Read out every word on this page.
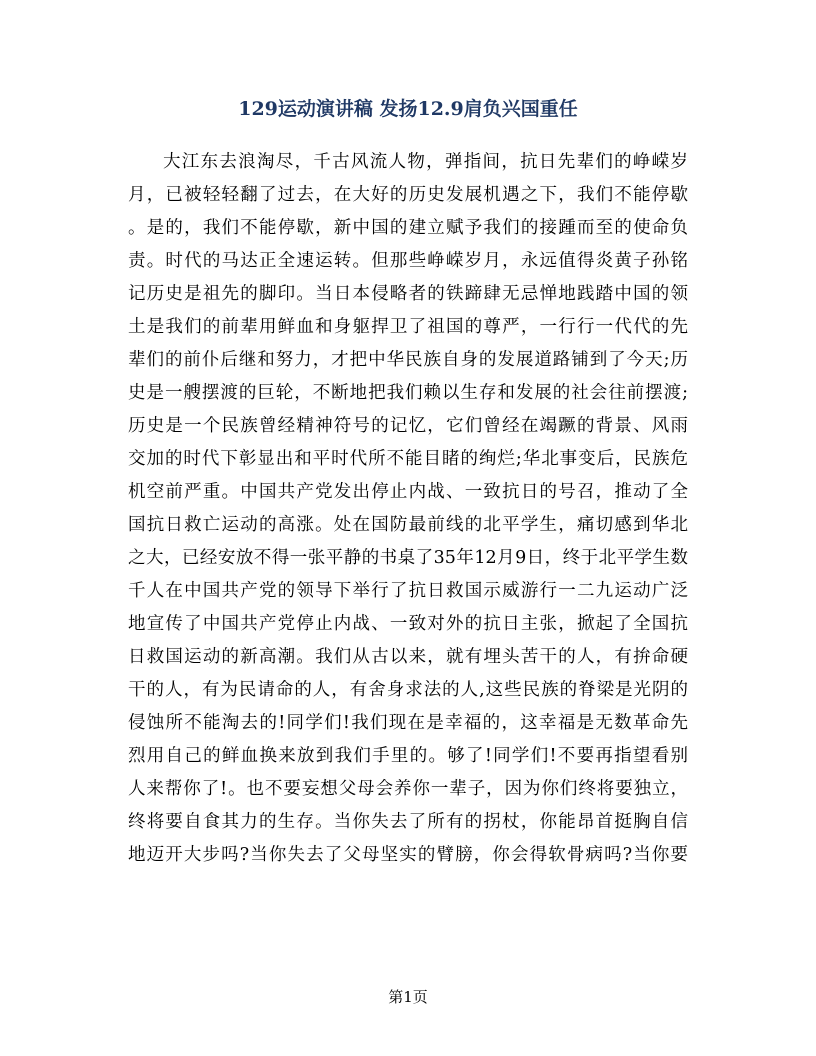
129运动演讲稿 发扬12.9肩负兴国重任
大江东去浪淘尽，千古风流人物，弹指间，抗日先辈们的峥嵘岁
月，已被轻轻翻了过去，在大好的历史发展机遇之下，我们不能停歇
。是的，我们不能停歇，新中国的建立赋予我们的接踵而至的使命负
责。时代的马达正全速运转。但那些峥嵘岁月，永远值得炎黄子孙铭
记历史是祖先的脚印。当日本侵略者的铁蹄肆无忌惮地践踏中国的领
土是我们的前辈用鲜血和身躯捍卫了祖国的尊严，一行行一代代的先
辈们的前仆后继和努力，才把中华民族自身的发展道路铺到了今天;历
史是一艘摆渡的巨轮，不断地把我们赖以生存和发展的社会往前摆渡;
历史是一个民族曾经精神符号的记忆，它们曾经在竭蹶的背景、风雨
交加的时代下彰显出和平时代所不能目睹的绚烂;华北事变后，民族危
机空前严重。中国共产党发出停止内战、一致抗日的号召，推动了全
国抗日救亡运动的高涨。处在国防最前线的北平学生，痛切感到华北
之大，已经安放不得一张平静的书桌了35年12月9日，终于北平学生数
千人在中国共产党的领导下举行了抗日救国示威游行一二九运动广泛
地宣传了中国共产党停止内战、一致对外的抗日主张，掀起了全国抗
日救国运动的新高潮。我们从古以来，就有埋头苦干的人，有拚命硬
干的人，有为民请命的人，有舍身求法的人,这些民族的脊梁是光阴的
侵蚀所不能淘去的!同学们!我们现在是幸福的，这幸福是无数革命先
烈用自己的鲜血换来放到我们手里的。够了!同学们!不要再指望看别
人来帮你了!。也不要妄想父母会养你一辈子，因为你们终将要独立，
终将要自食其力的生存。当你失去了所有的拐杖，你能昂首挺胸自信
地迈开大步吗?当你失去了父母坚实的臂膀，你会得软骨病吗?当你要
第1页
